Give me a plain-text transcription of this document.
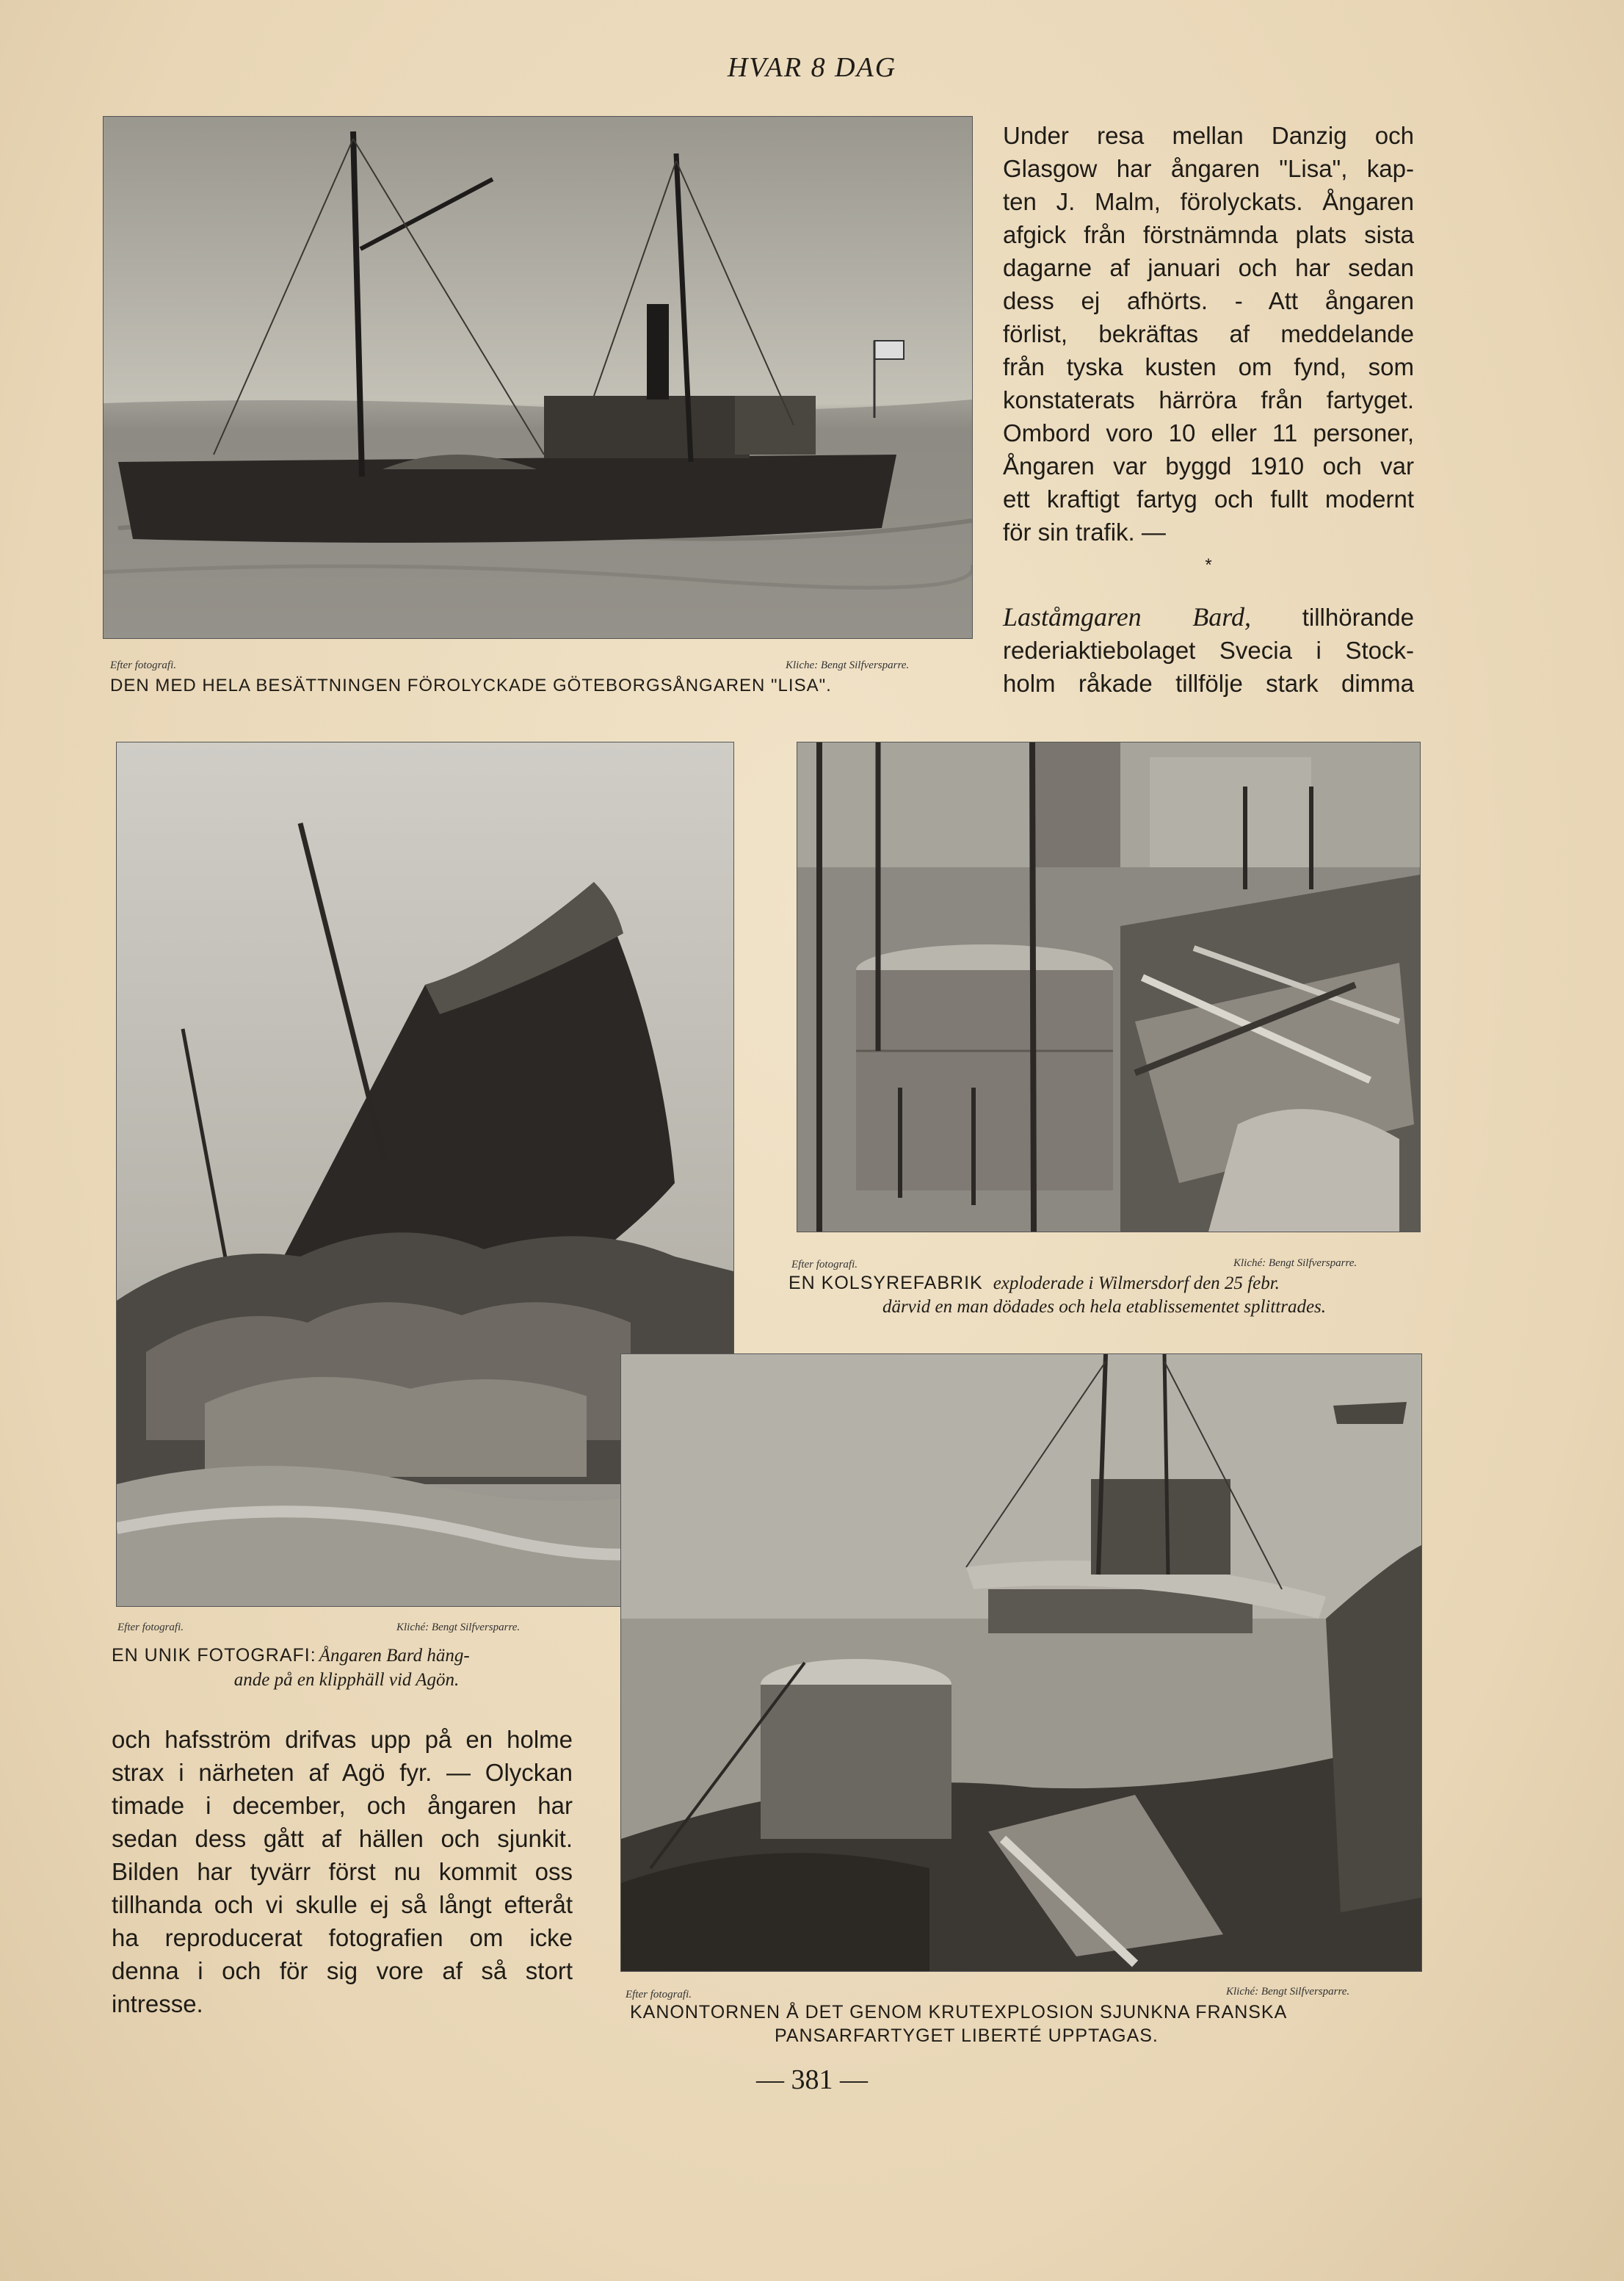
HVAR 8 DAG
Efter fotografi.	Kliche: Bengt Silfversparre.
DEN MED HELA BESÄTTNINGEN FÖROLYCKADE GÖTEBORGSÅNGAREN "LISA".
Under resa mellan Danzig och
Glasgow har ångaren "Lisa", kap-
ten J. Malm, förolyckats. Ångaren
afgick från förstnämnda plats sista
dagarne af januari och har sedan
dess ej afhörts. - Att ångaren
förlist, bekräftas af meddelande
från tyska kusten om fynd, som
konstaterats härröra från fartyget.
Ombord voro 10 eller 11 personer,
Ångaren var byggd 1910 och var
ett kraftigt fartyg och fullt modernt
för sin trafik. —
*
Laståmgaren Bard, tillhörande
rederiaktiebolaget Svecia i Stock-
holm råkade tillfölje stark dimma
Efter fotografi.	Kliché: Bengt Silfversparre.
EN UNIK FOTOGRAFI: Ångaren Bard häng-
ande på en klipphäll vid Agön.
Efter fotografi.	Kliché: Bengt Silfversparre.
EN KOLSYREFABRIK exploderade i Wilmersdorf den 25 febr.
därvid en man dödades och hela etablissementet splittrades.
Efter fotografi.	Kliché: Bengt Silfversparre.
KANONTORNEN Å DET GENOM KRUTEXPLOSION SJUNKNA FRANSKA
PANSARFARTYGET LIBERTÉ UPPTAGAS.
och hafsström drifvas upp på en holme
strax i närheten af Agö fyr. — Olyckan
timade i december, och ångaren har
sedan dess gått af hällen och sjunkit.
Bilden har tyvärr först nu kommit oss
tillhanda och vi skulle ej så långt efteråt
ha reproducerat fotografien om icke
denna i och för sig vore af så stort
intresse.
— 381 —
